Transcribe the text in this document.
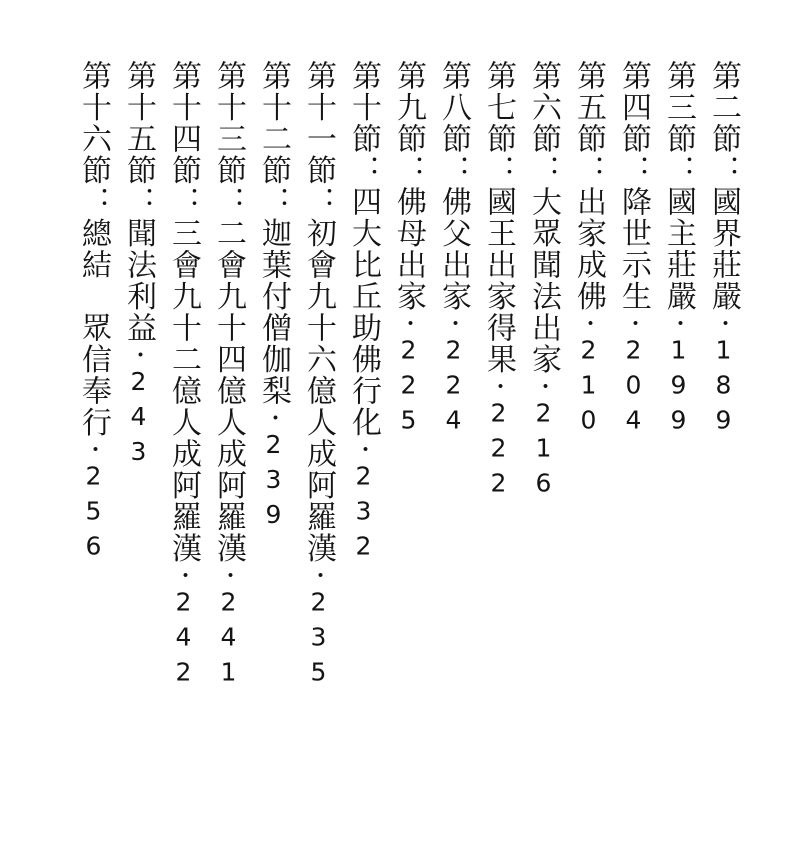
第二節：國界莊嚴・189
第三節：國主莊嚴・199
第四節：降世示生・204
第五節：出家成佛・210
第六節：大眾聞法出家・216
第七節：國王出家得果・222
第八節：佛父出家・224
第九節：佛母出家・225
第十節：四大比丘助佛行化・232
第十一節：初會九十六億人成阿羅漢・235
第十二節：迦葉付僧伽梨・239
第十三節：二會九十四億人成阿羅漢・241
第十四節：三會九十二億人成阿羅漢・242
第十五節：聞法利益・243
第十六節：總結　眾信奉行・256
